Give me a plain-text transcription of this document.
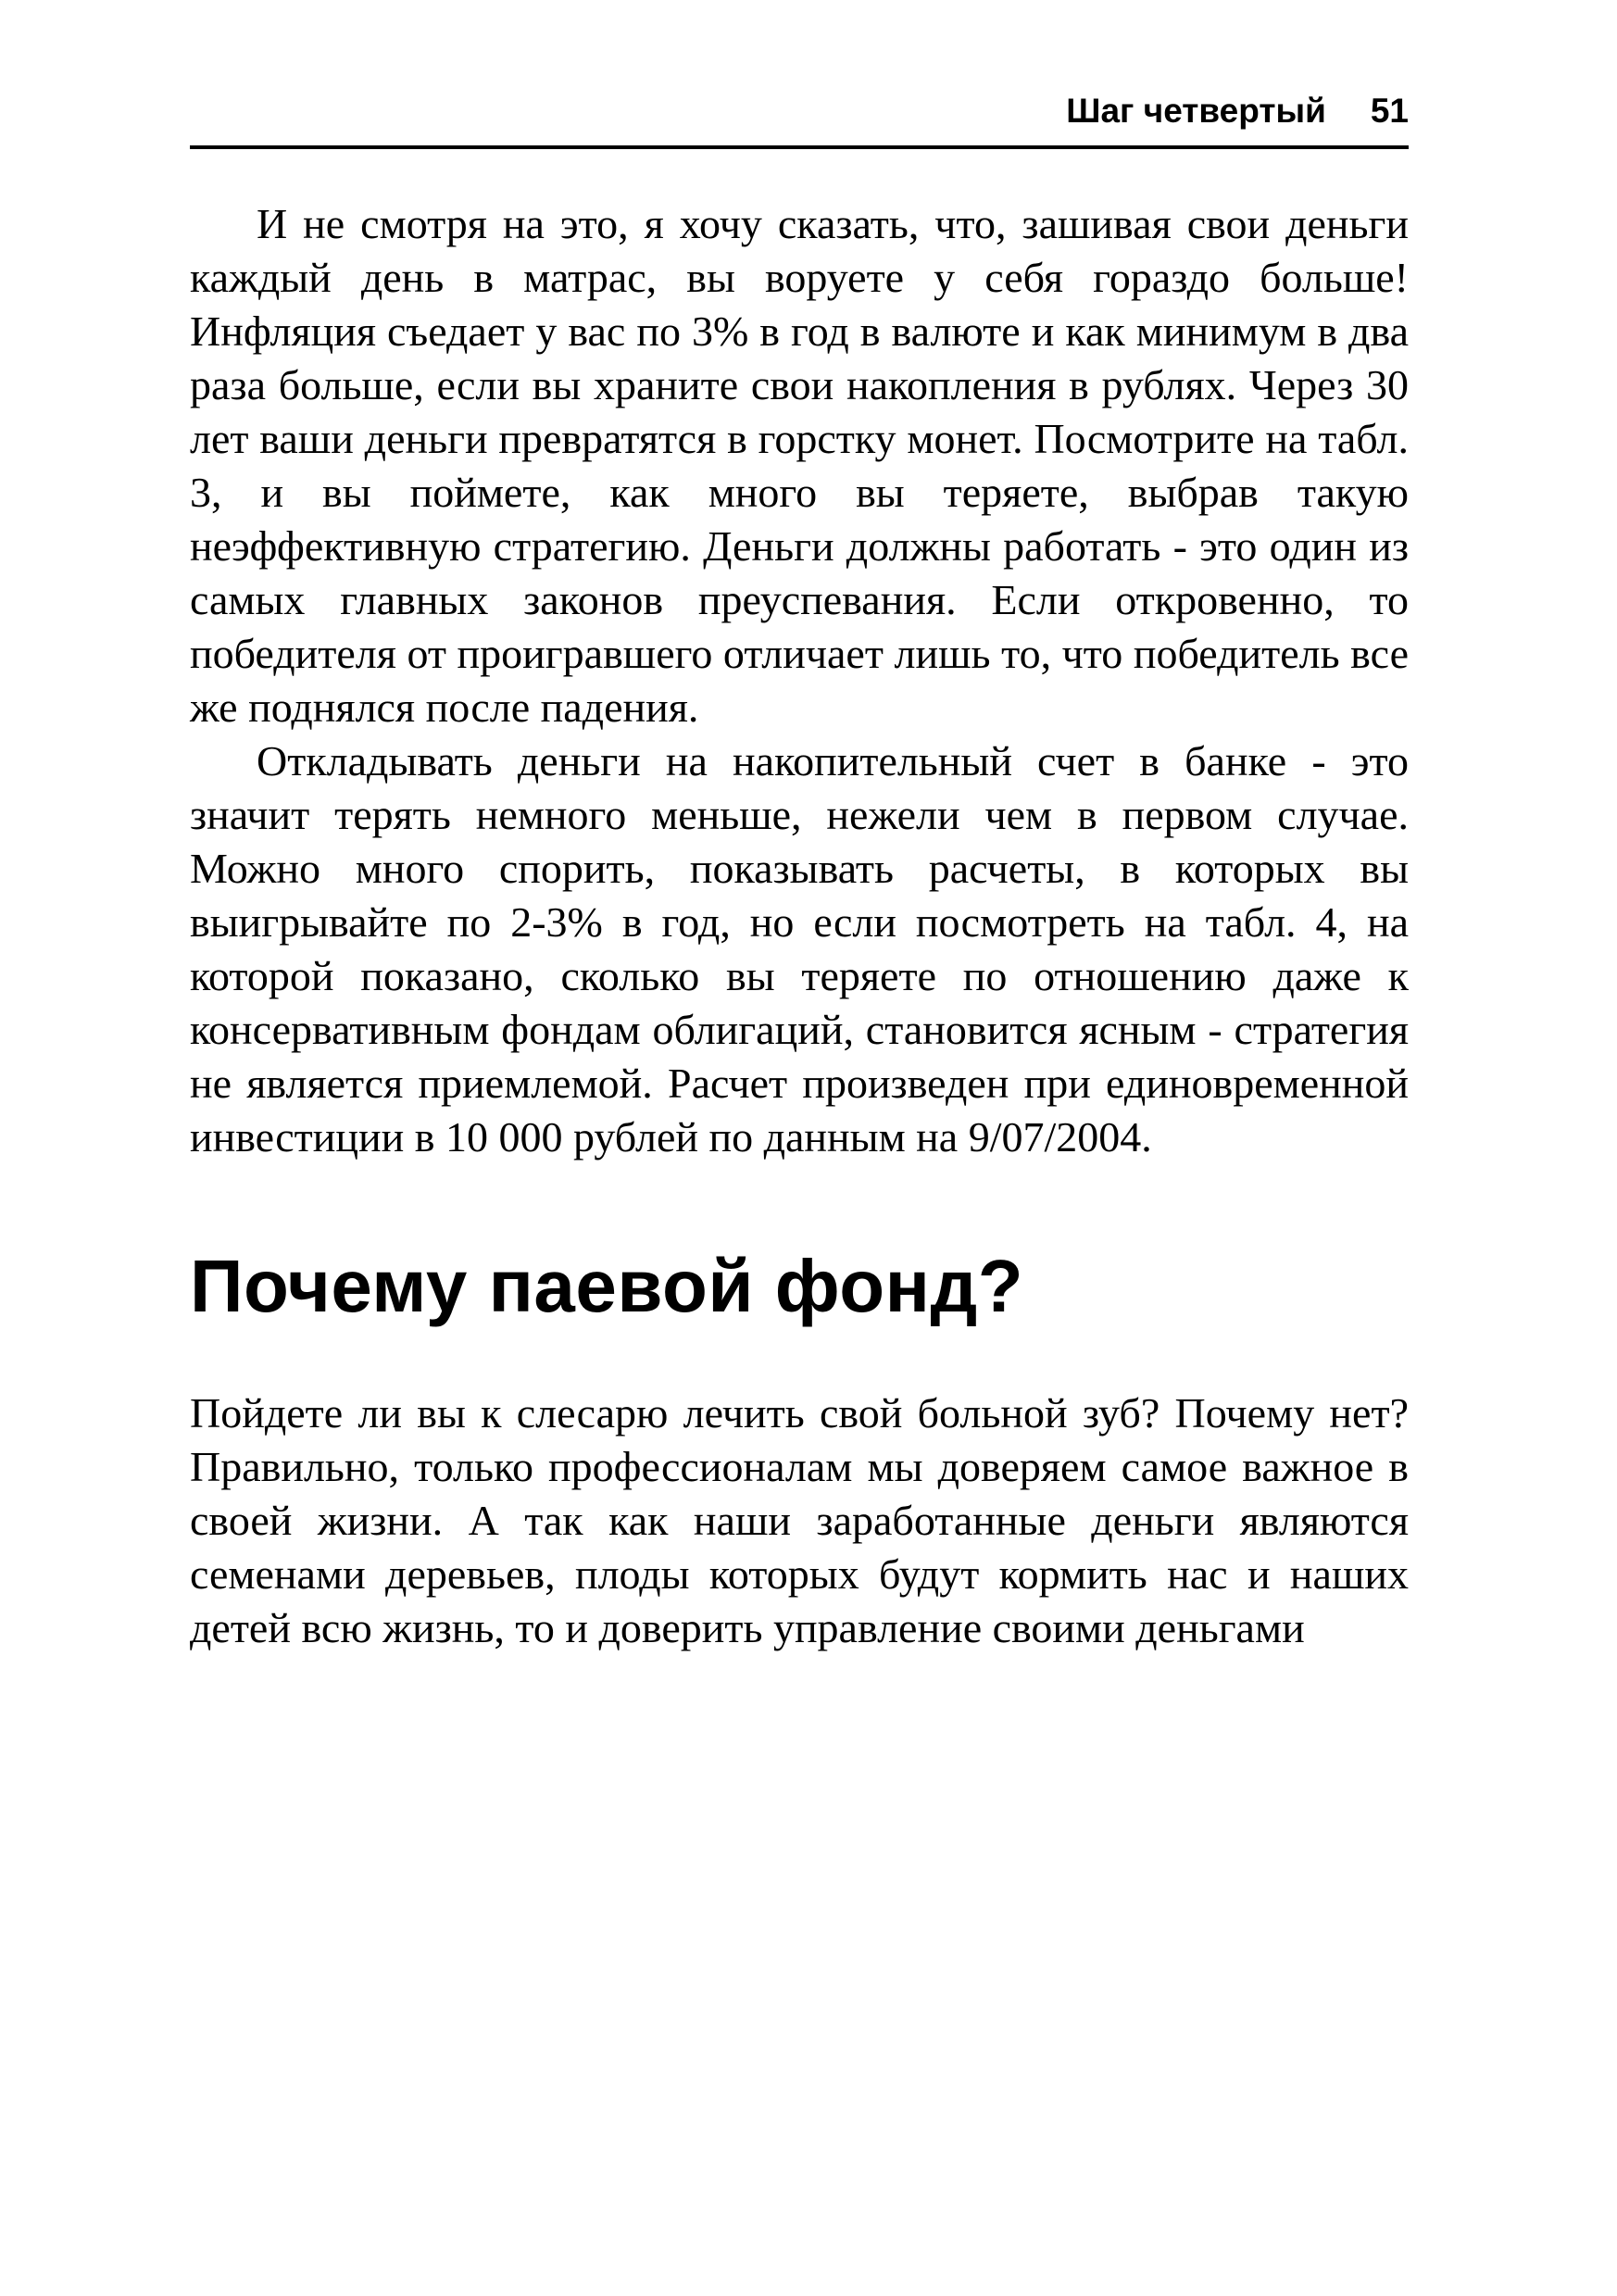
Шаг четвертый 51

И не смотря на это, я хочу сказать, что, зашивая свои деньги каждый день в матрас, вы воруете у себя гораздо больше! Инфляция съедает у вас по 3% в год в валюте и как минимум в два раза больше, если вы храните свои накопления в рублях. Через 30 лет ваши деньги превратятся в горстку монет. Посмотрите на табл. 3, и вы поймете, как много вы теряете, выбрав такую неэффективную стратегию. Деньги должны работать - это один из самых главных законов преуспевания. Если откровенно, то победителя от проигравшего отличает лишь то, что победитель все же поднялся после падения.

Откладывать деньги на накопительный счет в банке - это значит терять немного меньше, нежели чем в первом случае. Можно много спорить, показывать расчеты, в которых вы выигрывайте по 2-3% в год, но если посмотреть на табл. 4, на которой показано, сколько вы теряете по отношению даже к консервативным фондам облигаций, становится ясным - стратегия не является приемлемой. Расчет произведен при единовременной инвестиции в 10 000 рублей по данным на 9/07/2004.

Почему паевой фонд?

Пойдете ли вы к слесарю лечить свой больной зуб? Почему нет? Правильно, только профессионалам мы доверяем самое важное в своей жизни. А так как наши заработанные деньги являются семенами деревьев, плоды которых будут кормить нас и наших детей всю жизнь, то и доверить управление своими деньгами
